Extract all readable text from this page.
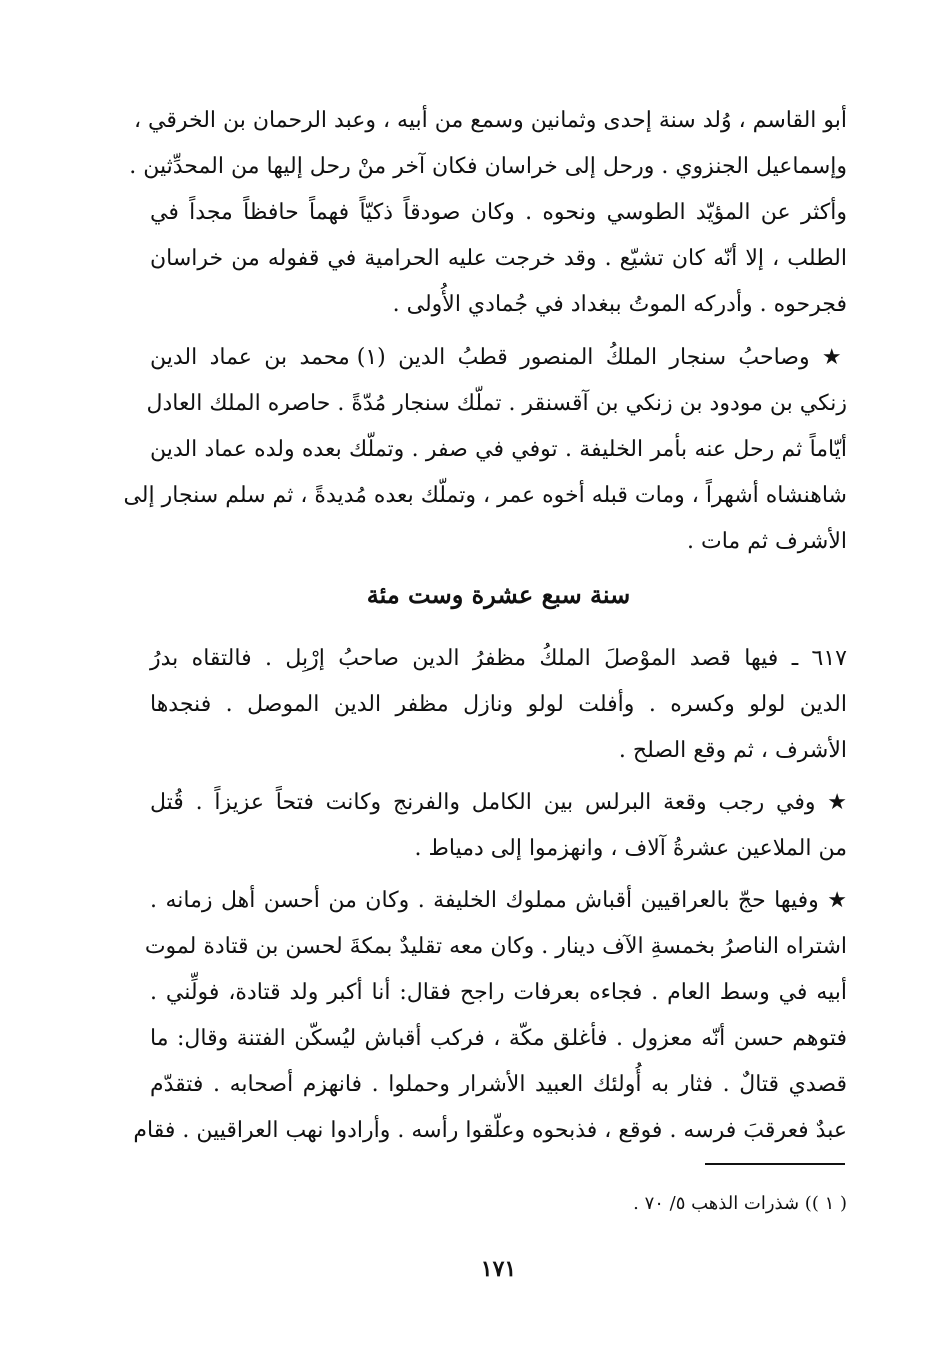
أبو القاسم ، وُلد سنة إحدى وثمانين وسمع من أبيه ، وعبد الرحمان بن الخرقي ،
وإسماعيل الجنزوي . ورحل إلى خراسان فكان آخر منْ رحل إليها من المحدِّثين .
وأكثر عن المؤيّد الطوسي ونحوه . وكان صودقاً ذكيّاً فهماً حافظاً مجداً في
الطلب ، إلا أنّه كان تشيّع . وقد خرجت عليه الحرامية في قفوله من خراسان
فجرحوه . وأدركه الموتُ ببغداد في جُمادي الأُولى .
★ وصاحبُ سنجار الملكُ المنصور قطبُ الدين (١) محمد بن عماد الدين
زنكي بن مودود بن زنكي بن آقسنقر . تملّك سنجار مُدّةً . حاصره الملك العادل
أيّاماً ثم رحل عنه بأمر الخليفة . توفي في صفر . وتملّك بعده ولده عماد الدين
شاهنشاه أشهراً ، ومات قبله أخوه عمر ، وتملّك بعده مُديدةً ، ثم سلم سنجار إلى
الأشرف ثم مات .
سنة سبع عشرة وست مئة
٦١٧ ـ فيها قصد الموْصلَ الملكُ مظفرُ الدين صاحبُ إرْبِل . فالتقاه بدرُ
الدين لولو وكسره . وأفلت لولو ونازل مظفر الدين الموصل . فنجدها
الأشرف ، ثم وقع الصلح .
★ وفي رجب وقعة البرلس بين الكامل والفرنج وكانت فتحاً عزيزاً . قُتل
من الملاعين عشرةُ آلاف ، وانهزموا إلى دمياط .
★ وفيها حجّ بالعراقيين أقباش مملوك الخليفة . وكان من أحسن أهل زمانه .
اشتراه الناصرُ بخمسةِ الآف دينار . وكان معه تقليدٌ بمكةَ لحسن بن قتادة لموت
أبيه في وسط العام . فجاءه بعرفات راجح فقال: أنا أكبر ولد قتادة، فولِّني .
فتوهم حسن أنّه معزول . فأغلق مكّة ، فركب أقباش ليُسكّن الفتنة وقال: ما
قصدي قتالٌ . فثار به أُولئك العبيد الأشرار وحملوا . فانهزم أصحابه . فتقدّم
عبدٌ فعرقبَ فرسه . فوقع ، فذبحوه وعلّقوا رأسه . وأرادوا نهب العراقيين . فقام
( ١ )) شذرات الذهب ٥/ ٧٠ .
١٧١
